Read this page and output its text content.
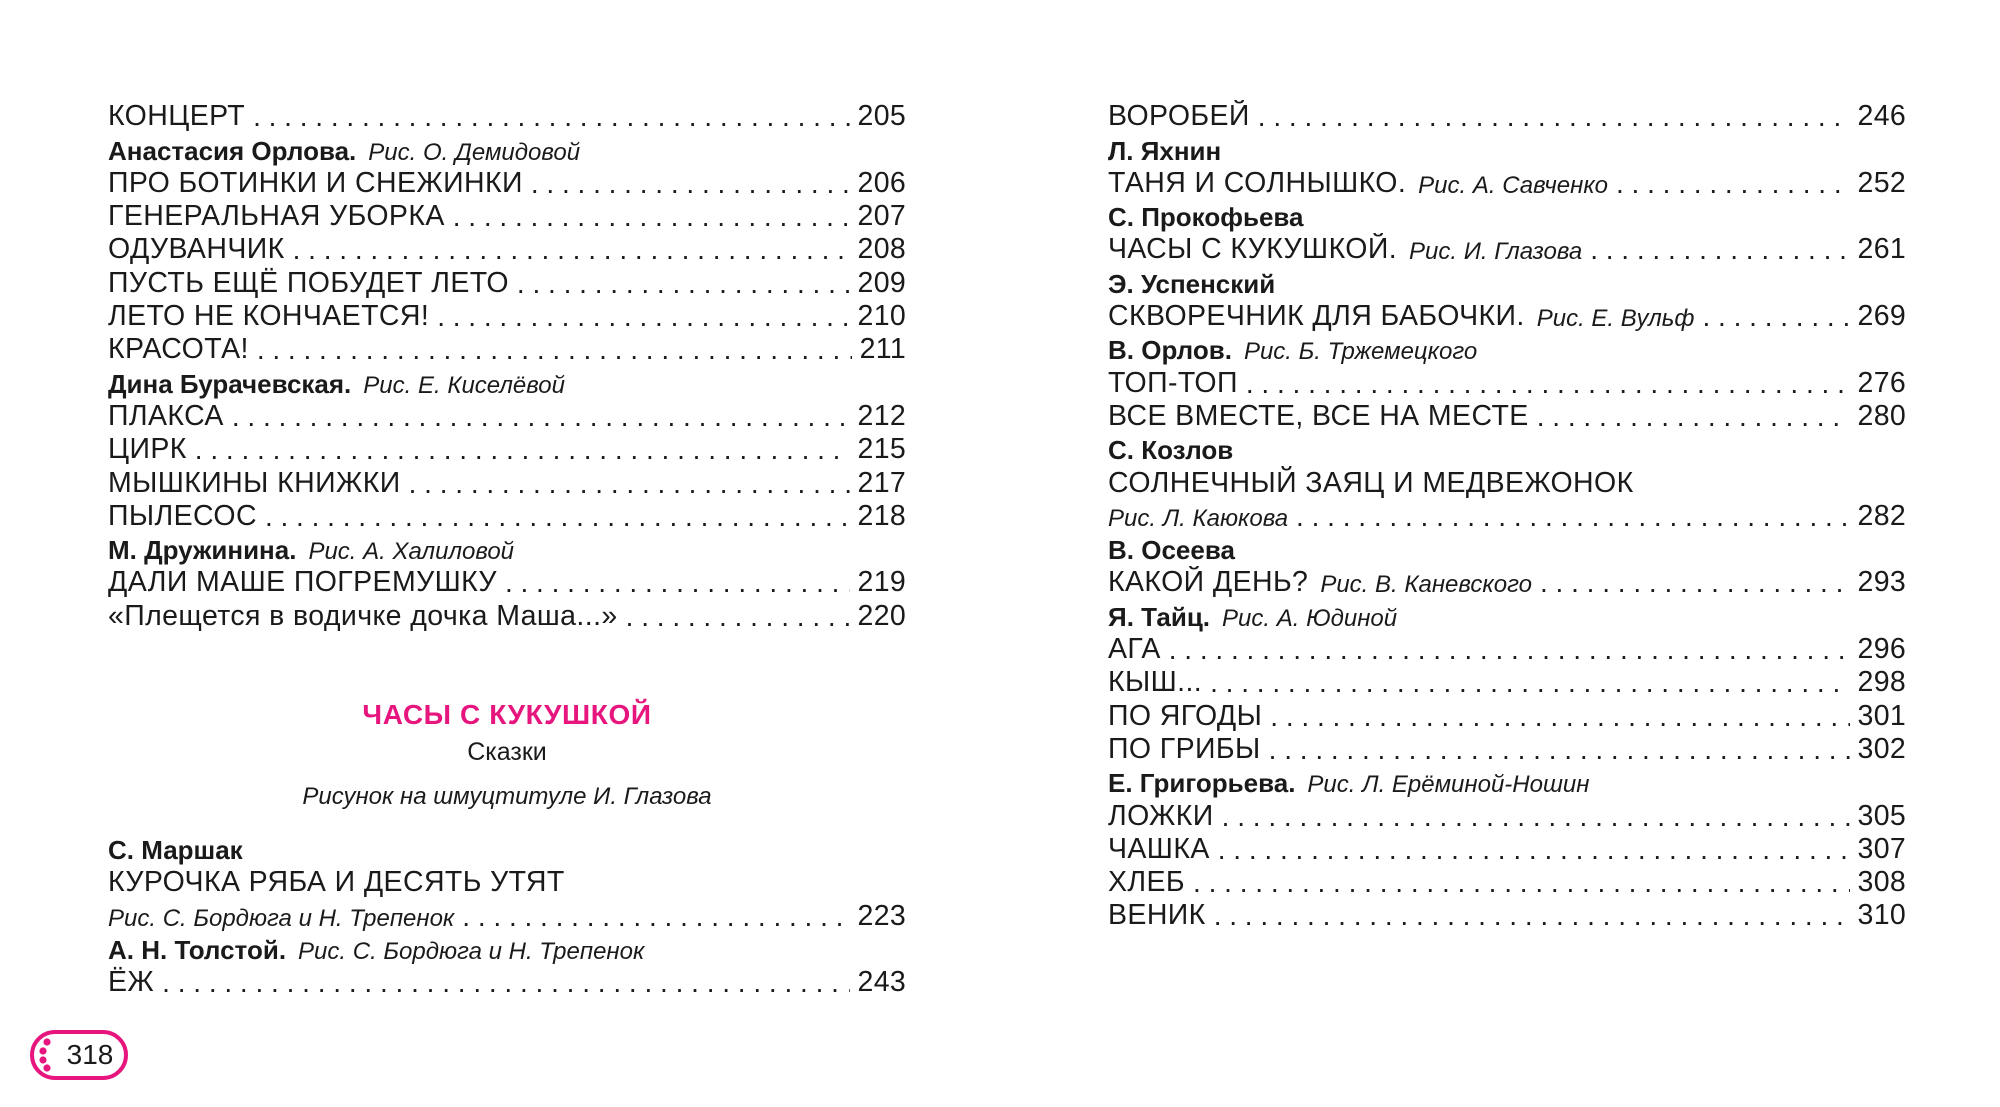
КОНЦЕРТ . . .	205
Анастасия Орлова. Рис. О. Демидовой
ПРО БОТИНКИ И СНЕЖИНКИ . . .	206
ГЕНЕРАЛЬНАЯ УБОРКА . . .	207
ОДУВАНЧИК . . .	208
ПУСТЬ ЕЩЁ ПОБУДЕТ ЛЕТО . . .	209
ЛЕТО НЕ КОНЧАЕТСЯ! . . .	210
КРАСОТА! . . .	211
Дина Бурачевская. Рис. Е. Киселёвой
ПЛАКСА . . .	212
ЦИРК . . .	215
МЫШКИНЫ КНИЖКИ . . .	217
ПЫЛЕСОС . . .	218
М. Дружинина. Рис. А. Халиловой
ДАЛИ МАШЕ ПОГРЕМУШКУ . . .	219
«Плещется в водичке дочка Маша...» . . .	220
ЧАСЫ С КУКУШКОЙ
Сказки
Рисунок на шмуцтитуле И. Глазова
С. Маршак
КУРОЧКА РЯБА И ДЕСЯТЬ УТЯТ
Рис. С. Бордюга и Н. Трепенок . . .	223
А. Н. Толстой. Рис. С. Бордюга и Н. Трепенок
ЁЖ . . .	243
ВОРОБЕЙ . . .	246
Л. Яхнин
ТАНЯ И СОЛНЫШКО. Рис. А. Савченко . . .	252
С. Прокофьева
ЧАСЫ С КУКУШКОЙ. Рис. И. Глазова . . .	261
Э. Успенский
СКВОРЕЧНИК ДЛЯ БАБОЧКИ. Рис. Е. Вульф . . .	269
В. Орлов. Рис. Б. Тржемецкого
ТОП-ТОП . . .	276
ВСЕ ВМЕСТЕ, ВСЕ НА МЕСТЕ . . .	280
С. Козлов
СОЛНЕЧНЫЙ ЗАЯЦ И МЕДВЕЖОНОК
Рис. Л. Каюкова . . .	282
В. Осеева
КАКОЙ ДЕНЬ? Рис. В. Каневского . . .	293
Я. Тайц. Рис. А. Юдиной
АГА . . .	296
КЫШ... . . .	298
ПО ЯГОДЫ . . .	301
ПО ГРИБЫ . . .	302
Е. Григорьева. Рис. Л. Ерёминой-Ношин
ЛОЖКИ . . .	305
ЧАШКА . . .	307
ХЛЕБ . . .	308
ВЕНИК . . .	310
318
